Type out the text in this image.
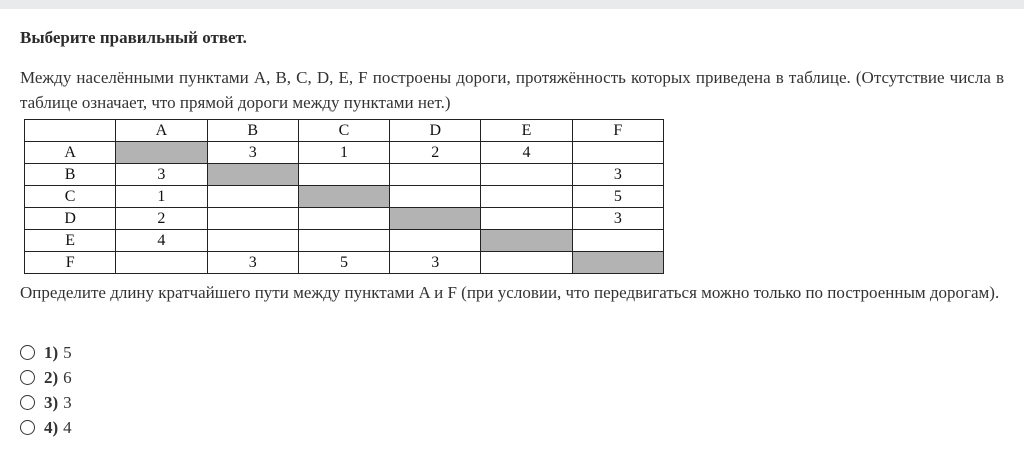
Выберите правильный ответ.
Между населёнными пунктами A, B, C, D, E, F построены дороги, протяжённость которых приведена в таблице. (Отсутствие числа в таблице означает, что прямой дороги между пунктами нет.)
	A	B	C	D	E	F
A		3	1	2	4	
B	3					3
C	1					5
D	2					3
E	4					
F		3	5	3		
Определите длину кратчайшего пути между пунктами A и F (при условии, что передвигаться можно только по построенным дорогам).
1) 5
2) 6
3) 3
4) 4
